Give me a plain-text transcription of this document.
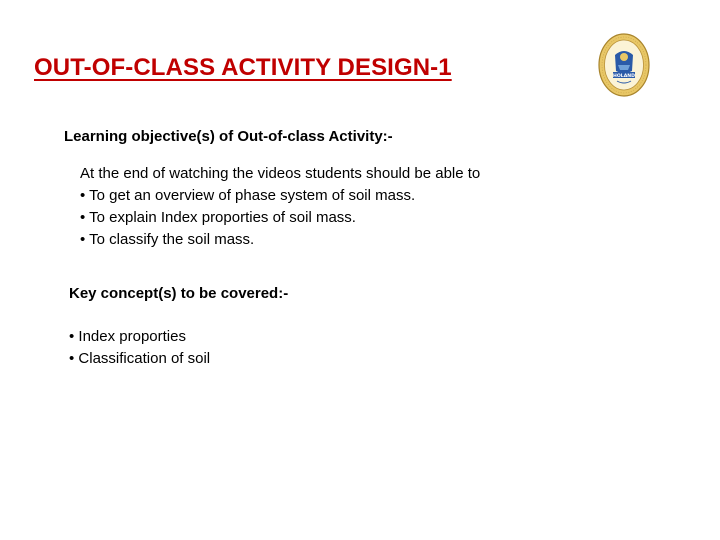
OUT-OF-CLASS ACTIVITY DESIGN-1	HOLAND
Learning objective(s) of Out-of-class Activity:-
At the end of watching the videos students should be able to
• To get an overview of phase system of soil mass.
• To explain Index proporties of soil mass.
• To classify the soil mass.
Key concept(s) to be covered:-
• Index proporties
• Classification of soil
